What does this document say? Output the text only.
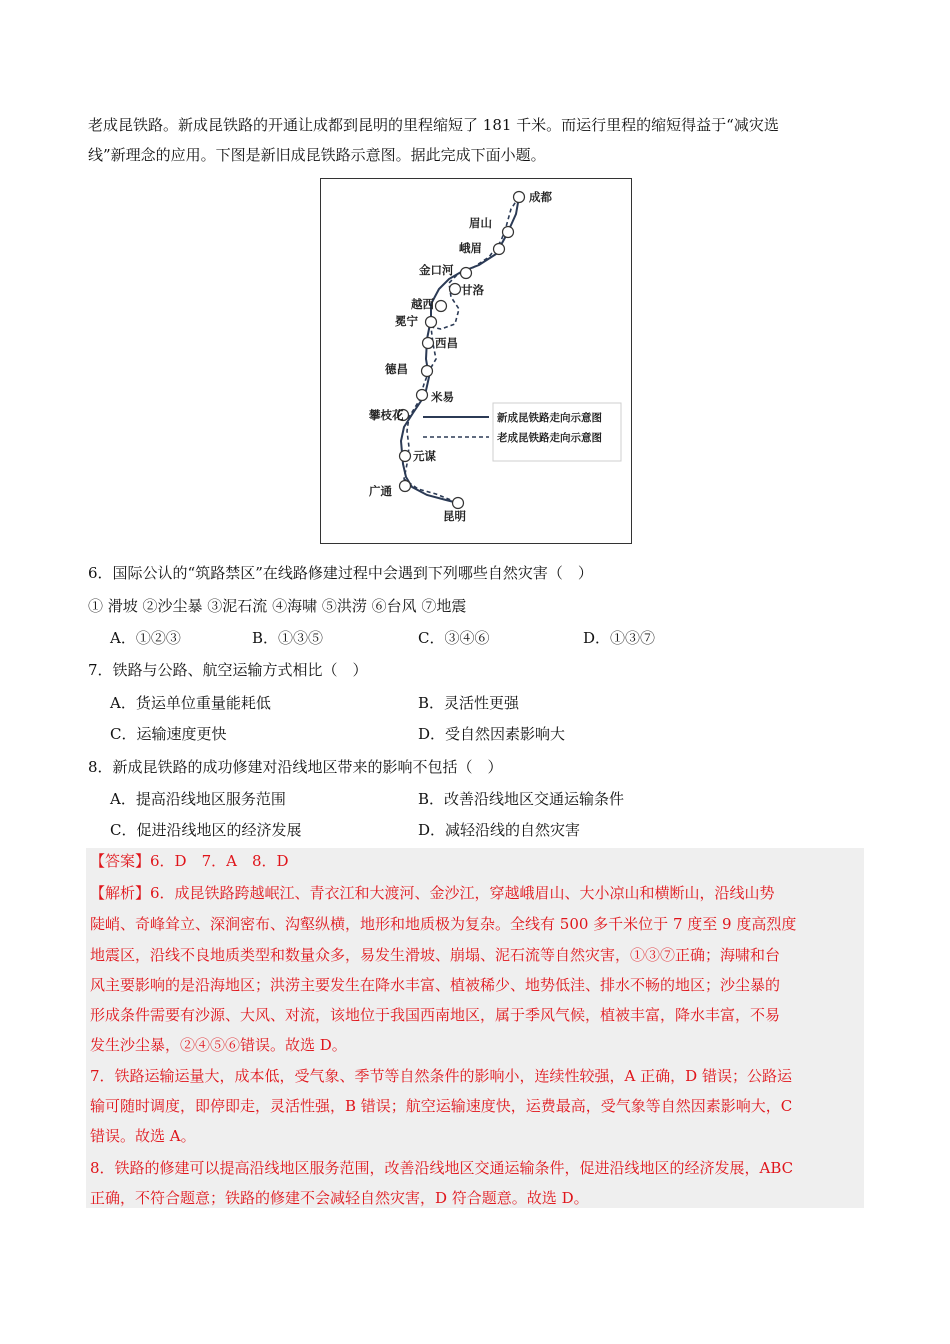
老成昆铁路。新成昆铁路的开通让成都到昆明的里程缩短了 181 千米。而运行里程的缩短得益于“减灾选
线”新理念的应用。下图是新旧成昆铁路示意图。据此完成下面小题。
成都
眉山
峨眉
金口河
甘洛
越西
冕宁
西昌
德昌
米易
攀枝花
元谋
广通
昆明
新成昆铁路走向示意图
老成昆铁路走向示意图
6．国际公认的“筑路禁区”在线路修建过程中会遇到下列哪些自然灾害（　）
① 滑坡 ②沙尘暴 ③泥石流 ④海啸 ⑤洪涝 ⑥台风 ⑦地震
A．①②③	B．①③⑤	C．③④⑥	D．①③⑦
7．铁路与公路、航空运输方式相比（　）
A．货运单位重量能耗低	B．灵活性更强
C．运输速度更快	D．受自然因素影响大
8．新成昆铁路的成功修建对沿线地区带来的影响不包括（　）
A．提高沿线地区服务范围	B．改善沿线地区交通运输条件
C．促进沿线地区的经济发展	D．减轻沿线的自然灾害
【答案】6．D　7．A　8．D
【解析】6．成昆铁路跨越岷江、青衣江和大渡河、金沙江，穿越峨眉山、大小凉山和横断山，沿线山势
陡峭、奇峰耸立、深涧密布、沟壑纵横，地形和地质极为复杂。全线有 500 多千米位于 7 度至 9 度高烈度
地震区，沿线不良地质类型和数量众多，易发生滑坡、崩塌、泥石流等自然灾害，①③⑦正确；海啸和台
风主要影响的是沿海地区；洪涝主要发生在降水丰富、植被稀少、地势低洼、排水不畅的地区；沙尘暴的
形成条件需要有沙源、大风、对流，该地位于我国西南地区，属于季风气候，植被丰富，降水丰富，不易
发生沙尘暴，②④⑤⑥错误。故选 D。
7．铁路运输运量大，成本低，受气象、季节等自然条件的影响小，连续性较强，A 正确，D 错误；公路运
输可随时调度，即停即走，灵活性强，B 错误；航空运输速度快，运费最高，受气象等自然因素影响大，C
错误。故选 A。
8．铁路的修建可以提高沿线地区服务范围，改善沿线地区交通运输条件，促进沿线地区的经济发展，ABC
正确，不符合题意；铁路的修建不会减轻自然灾害，D 符合题意。故选 D。
